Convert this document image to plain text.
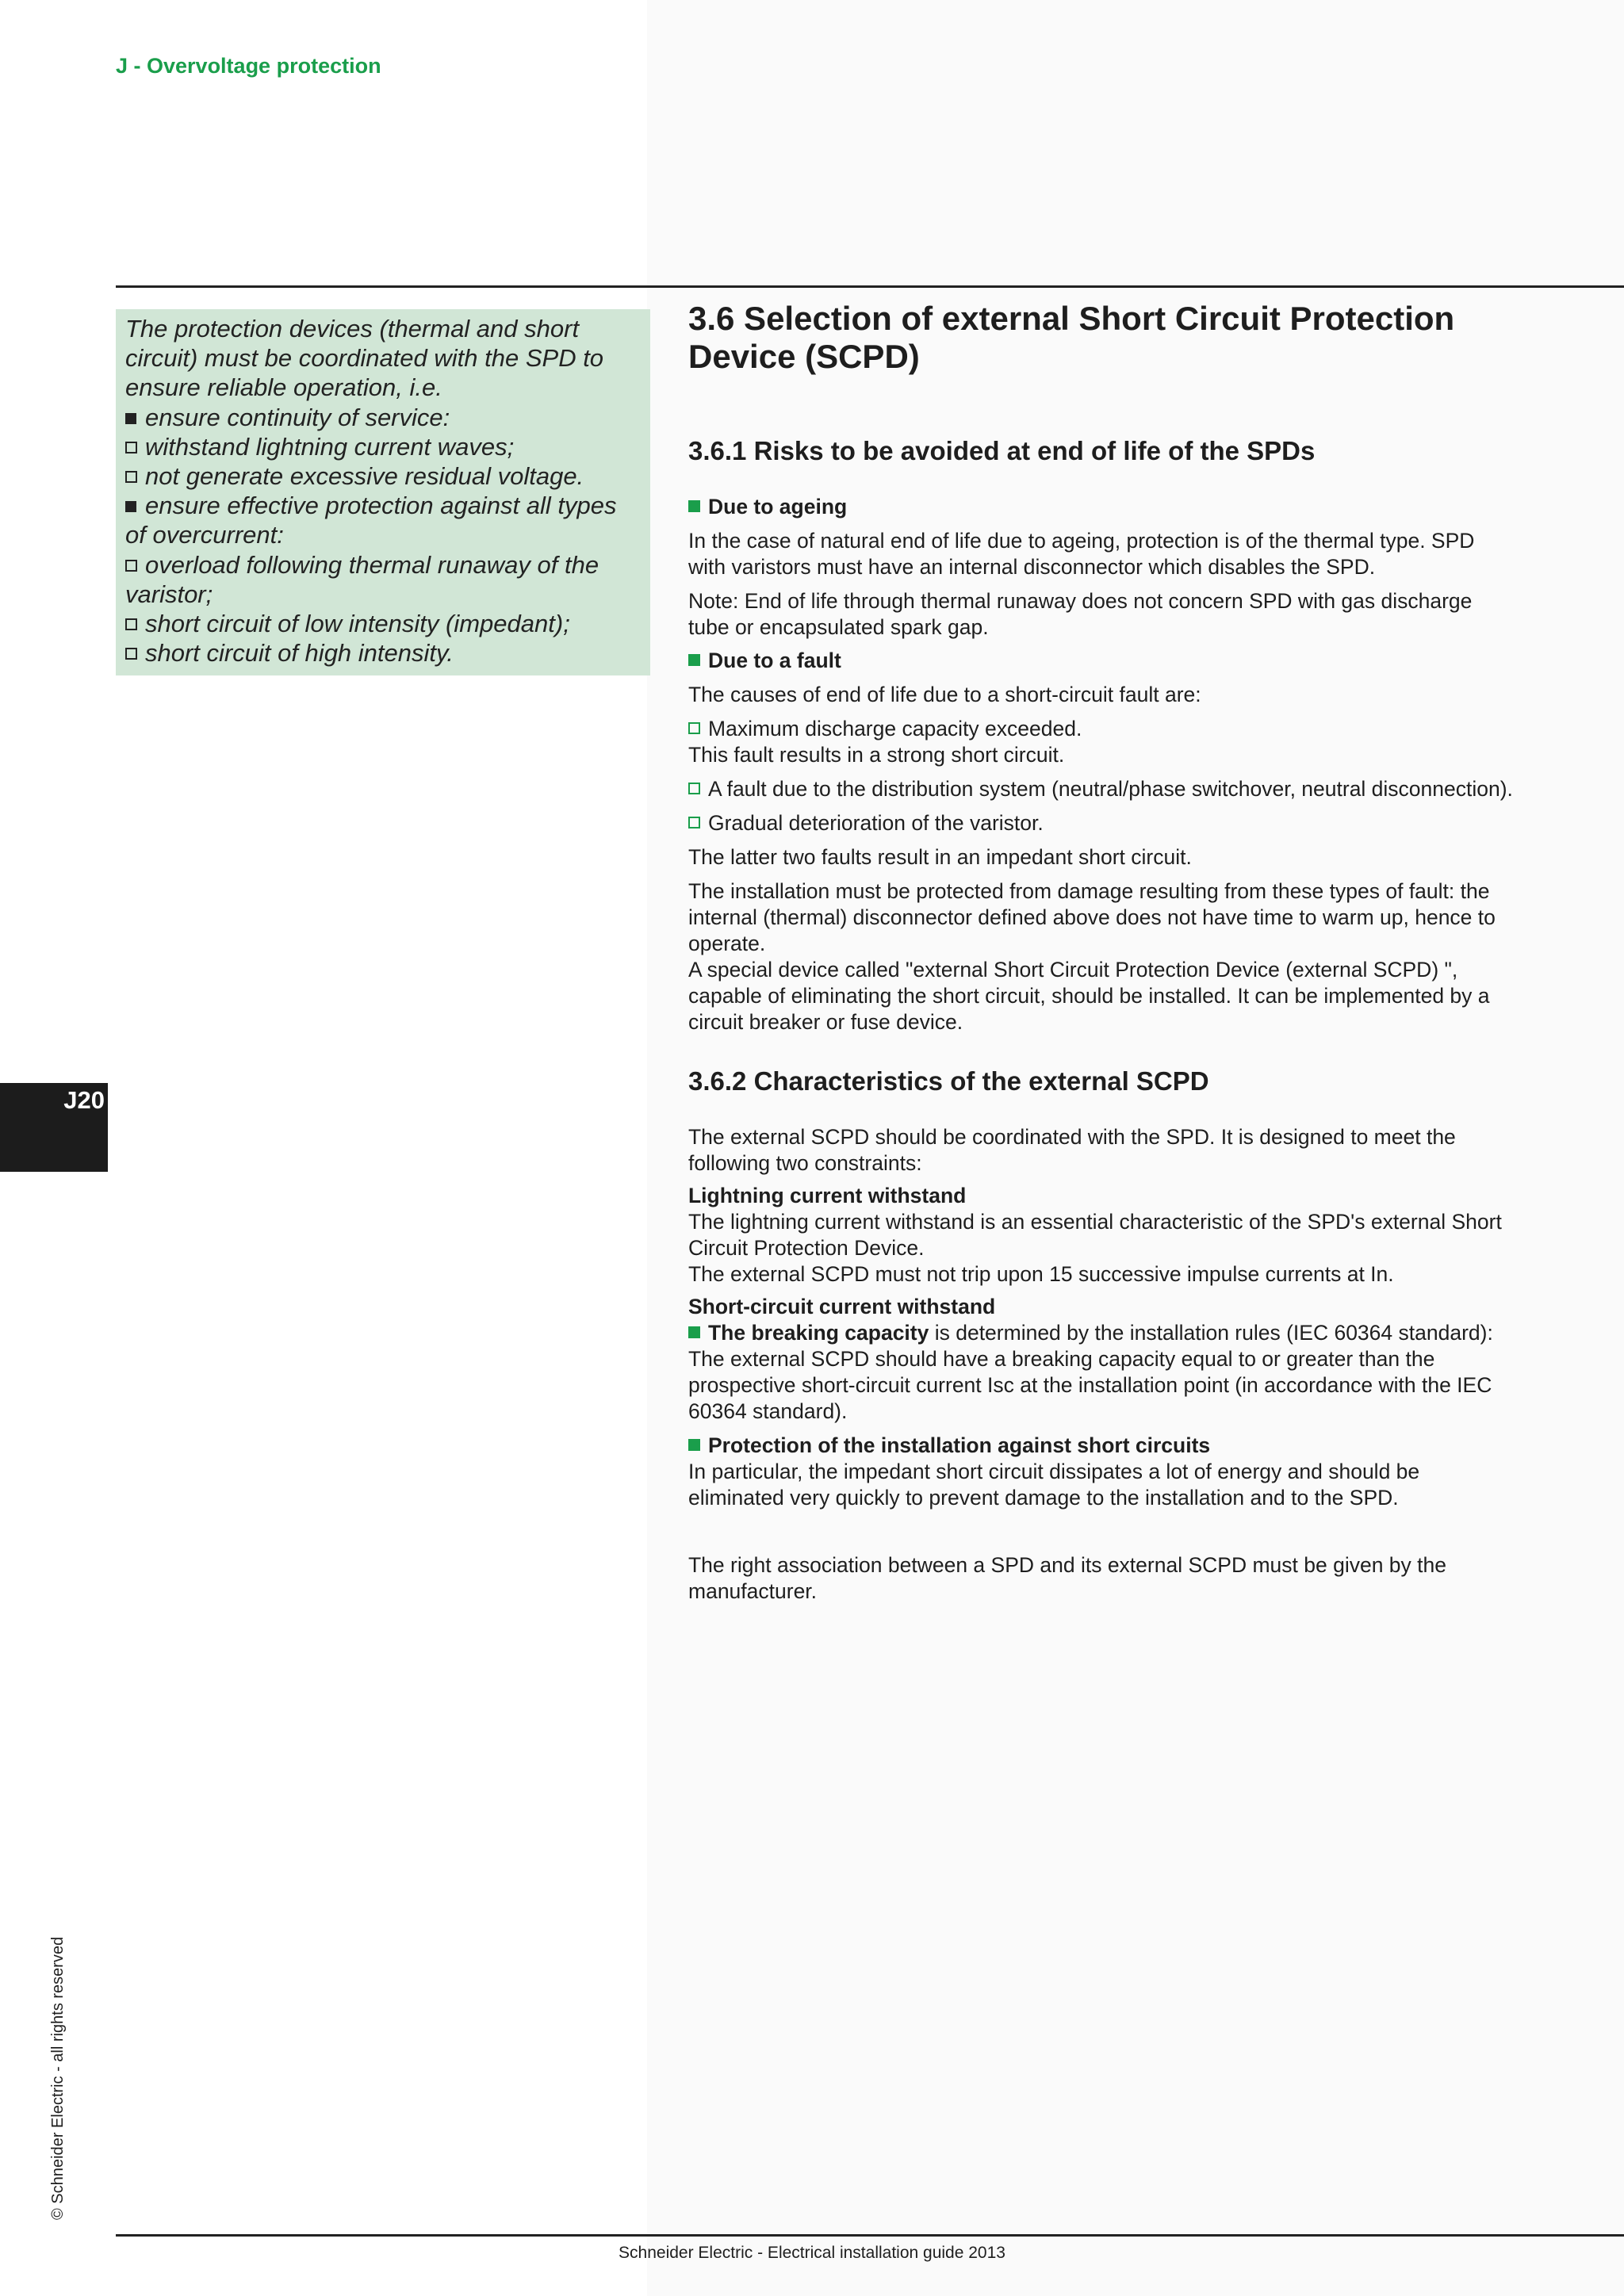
J - Overvoltage protection
J20
© Schneider Electric - all rights reserved

The protection devices (thermal and short circuit) must be coordinated with the SPD to ensure reliable operation, i.e.

ensure continuity of service:

withstand lightning current waves;

not generate excessive residual voltage.

ensure effective protection against all types of overcurrent:

overload following thermal runaway of the varistor;

short circuit of low intensity (impedant);

short circuit of high intensity.

3.6 Selection of external Short Circuit Protection Device (SCPD)
3.6.1 Risks to be avoided at end of life of the SPDs

Due to ageing

In the case of natural end of life due to ageing, protection is of the thermal type. SPD with varistors must have an internal disconnector which disables the SPD.

Note: End of life through thermal runaway does not concern SPD with gas discharge tube or encapsulated spark gap.

Due to a fault

The causes of end of life due to a short-circuit fault are:

Maximum discharge capacity exceeded.

This fault results in a strong short circuit.

A fault due to the distribution system (neutral/phase switchover, neutral disconnection).

Gradual deterioration of the varistor.

The latter two faults result in an impedant short circuit.

The installation must be protected from damage resulting from these types of fault: the internal (thermal) disconnector defined above does not have time to warm up, hence to operate.

A special device called "external Short Circuit Protection Device (external SCPD) ", capable of eliminating the short circuit, should be installed. It can be implemented by a circuit breaker or fuse device.

3.6.2 Characteristics of the external SCPD

The external SCPD should be coordinated with the SPD. It is designed to meet the following two constraints:

Lightning current withstand

The lightning current withstand is an essential characteristic of the SPD's external Short Circuit Protection Device.

The external SCPD must not trip upon 15 successive impulse currents at In.

Short-circuit current withstand

The breaking capacity is determined by the installation rules (IEC 60364 standard):

The external SCPD should have a breaking capacity equal to or greater than the prospective short-circuit current Isc at the installation point (in accordance with the IEC 60364 standard).

Protection of the installation against short circuits

In particular, the impedant short circuit dissipates a lot of energy and should be eliminated very quickly to prevent damage to the installation and to the SPD.

The right association between a SPD and its external SCPD must be given by the manufacturer.

Schneider Electric - Electrical installation guide 2013
